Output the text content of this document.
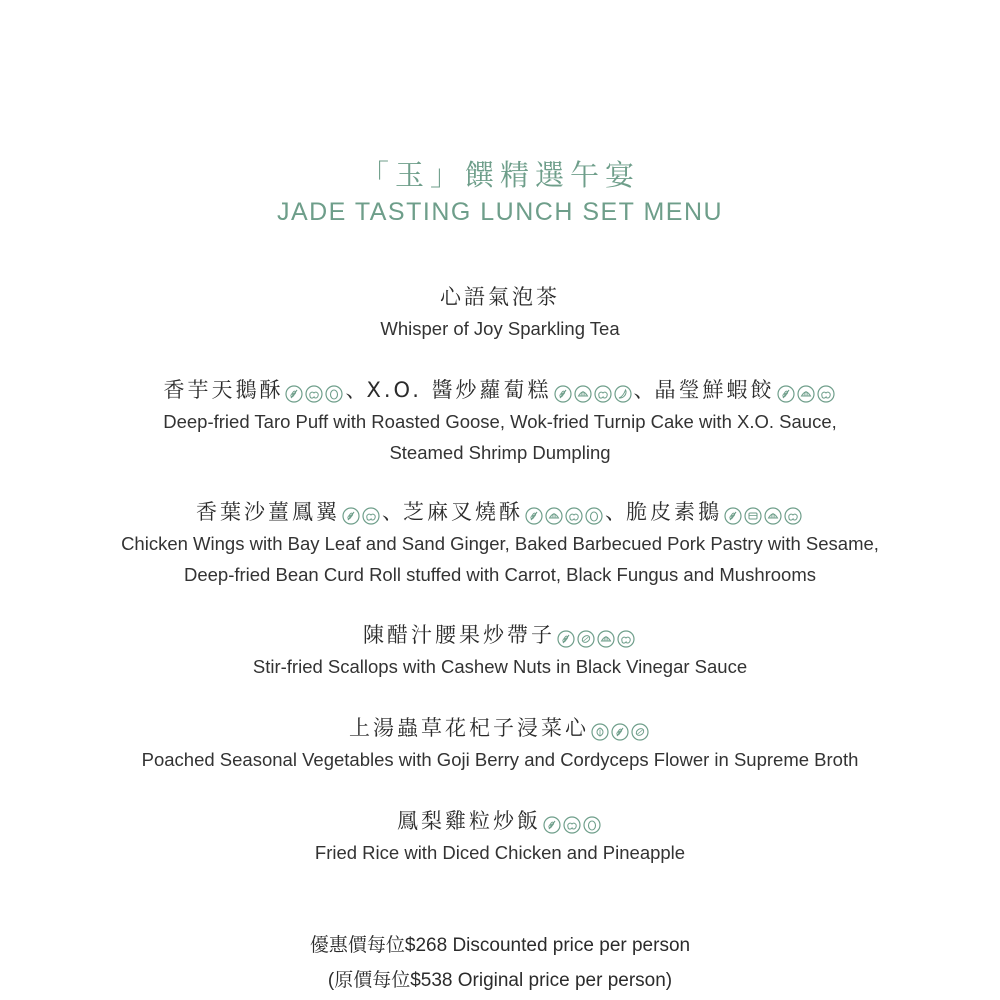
「玉」饌精選午宴
JADE TASTING LUNCH SET MENU
心語氣泡茶
Whisper of Joy Sparkling Tea
香芋天鵝酥	、X.O. 醬炒蘿蔔糕	、晶瑩鮮蝦餃
Deep-fried Taro Puff with Roasted Goose, Wok-fried Turnip Cake with X.O. Sauce,
Steamed Shrimp Dumpling
香葉沙薑鳳翼 、芝麻叉燒酥	、脆皮素鵝
Chicken Wings with Bay Leaf and Sand Ginger, Baked Barbecued Pork Pastry with Sesame,
Deep-fried Bean Curd Roll stuffed with Carrot, Black Fungus and Mushrooms
陳醋汁腰果炒帶子
Stir-fried Scallops with Cashew Nuts in Black Vinegar Sauce
上湯蟲草花杞子浸菜心
Poached Seasonal Vegetables with Goji Berry and Cordyceps Flower in Supreme Broth
鳳梨雞粒炒飯
Fried Rice with Diced Chicken and Pineapple
優惠價每位$268 Discounted price per person
(原價每位$538 Original price per person)
